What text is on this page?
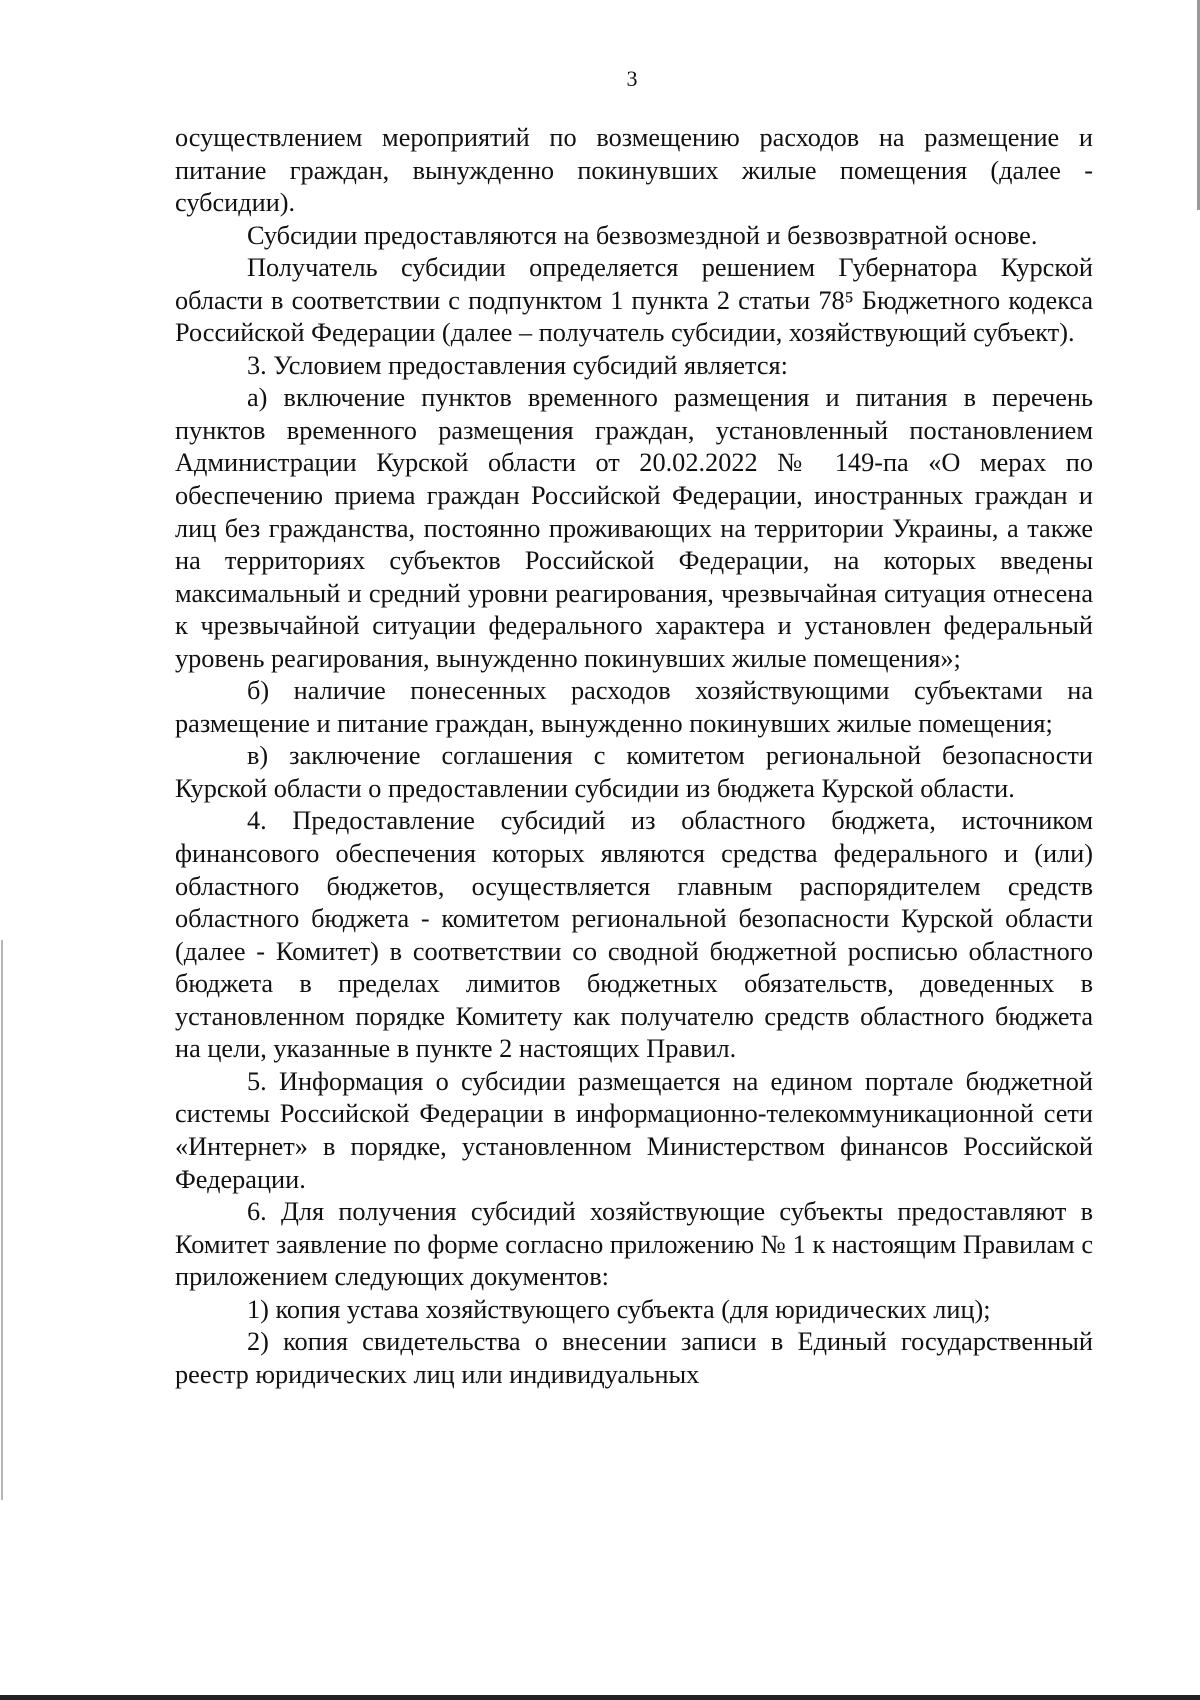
3

осуществлением мероприятий по возмещению расходов на размещение и питание граждан, вынужденно покинувших жилые помещения (далее - субсидии).

Субсидии предоставляются на безвозмездной и безвозвратной основе.

Получатель субсидии определяется решением Губернатора Курской области в соответствии с подпунктом 1 пункта 2 статьи 78⁵ Бюджетного кодекса Российской Федерации (далее – получатель субсидии, хозяйствующий субъект).

3. Условием предоставления субсидий является:

а) включение пунктов временного размещения и питания в перечень пунктов временного размещения граждан, установленный постановлением Администрации Курской области от 20.02.2022 № 149-па «О мерах по обеспечению приема граждан Российской Федерации, иностранных граждан и лиц без гражданства, постоянно проживающих на территории Украины, а также на территориях субъектов Российской Федерации, на которых введены максимальный и средний уровни реагирования, чрезвычайная ситуация отнесена к чрезвычайной ситуации федерального характера и установлен федеральный уровень реагирования, вынужденно покинувших жилые помещения»;

б) наличие понесенных расходов хозяйствующими субъектами на размещение и питание граждан, вынужденно покинувших жилые помещения;

в) заключение соглашения с комитетом региональной безопасности Курской области о предоставлении субсидии из бюджета Курской области.

4. Предоставление субсидий из областного бюджета, источником финансового обеспечения которых являются средства федерального и (или) областного бюджетов, осуществляется главным распорядителем средств областного бюджета - комитетом региональной безопасности Курской области (далее - Комитет) в соответствии со сводной бюджетной росписью областного бюджета в пределах лимитов бюджетных обязательств, доведенных в установленном порядке Комитету как получателю средств областного бюджета на цели, указанные в пункте 2 настоящих Правил.

5. Информация о субсидии размещается на едином портале бюджетной системы Российской Федерации в информационно-телекоммуникационной сети «Интернет» в порядке, установленном Министерством финансов Российской Федерации.

6. Для получения субсидий хозяйствующие субъекты предоставляют в Комитет заявление по форме согласно приложению № 1 к настоящим Правилам с приложением следующих документов:

1) копия устава хозяйствующего субъекта (для юридических лиц);

2) копия свидетельства о внесении записи в Единый государственный реестр юридических лиц или индивидуальных
